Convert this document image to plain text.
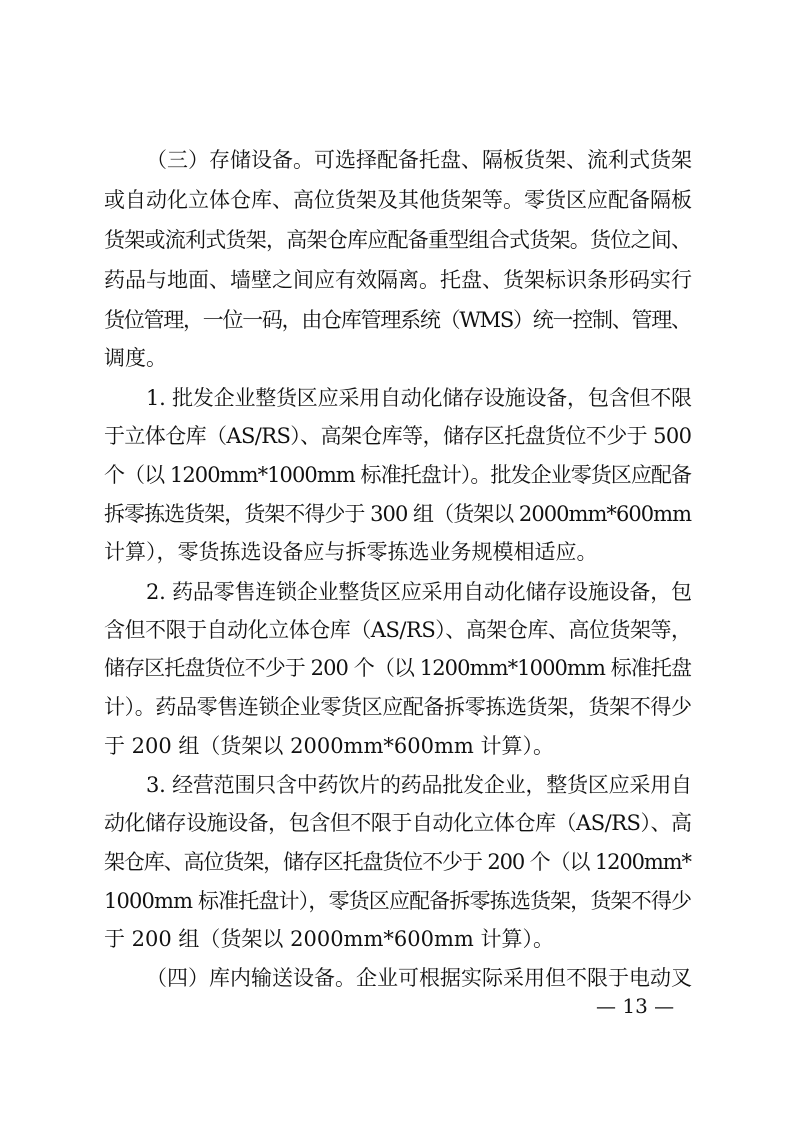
（三）存储设备。可选择配备托盘、隔板货架、流利式货架
或自动化立体仓库、高位货架及其他货架等。零货区应配备隔板
货架或流利式货架，高架仓库应配备重型组合式货架。货位之间、
药品与地面、墙壁之间应有效隔离。托盘、货架标识条形码实行
货位管理，一位一码，由仓库管理系统（WMS）统一控制、管理、
调度。
1. 批发企业整货区应采用自动化储存设施设备，包含但不限
于立体仓库（AS/RS）、高架仓库等，储存区托盘货位不少于 500
个（以 1200mm*1000mm 标准托盘计）。批发企业零货区应配备
拆零拣选货架，货架不得少于 300 组（货架以 2000mm*600mm
计算），零货拣选设备应与拆零拣选业务规模相适应。
2. 药品零售连锁企业整货区应采用自动化储存设施设备，包
含但不限于自动化立体仓库（AS/RS）、高架仓库、高位货架等，
储存区托盘货位不少于 200 个（以 1200mm*1000mm 标准托盘
计）。药品零售连锁企业零货区应配备拆零拣选货架，货架不得少
于 200 组（货架以 2000mm*600mm 计算）。
3. 经营范围只含中药饮片的药品批发企业，整货区应采用自
动化储存设施设备，包含但不限于自动化立体仓库（AS/RS）、高
架仓库、高位货架，储存区托盘货位不少于 200 个（以 1200mm*
1000mm 标准托盘计），零货区应配备拆零拣选货架，货架不得少
于 200 组（货架以 2000mm*600mm 计算）。
（四）库内输送设备。企业可根据实际采用但不限于电动叉
— 13 —
